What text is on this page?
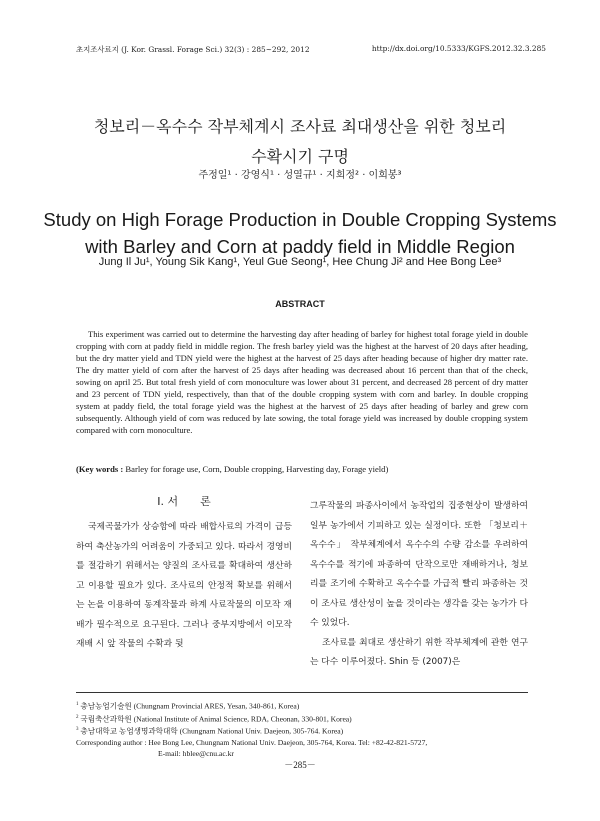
초지조사료지 (J. Kor. Grassl. Forage Sci.) 32(3) : 285~292, 2012	http://dx.doi.org/10.5333/KGFS.2012.32.3.285
청보리－옥수수 작부체계시 조사료 최대생산을 위한 청보리
수확시기 구명
주정일¹ · 강영식¹ · 성열규¹ · 지희정² · 이희봉³
Study on High Forage Production in Double Cropping Systems
with Barley and Corn at paddy field in Middle Region
Jung Il Ju¹, Young Sik Kang¹, Yeul Gue Seong¹, Hee Chung Ji² and Hee Bong Lee³
ABSTRACT
This experiment was carried out to determine the harvesting day after heading of barley for highest total forage yield in double cropping with corn at paddy field in middle region. The fresh barley yield was the highest at the harvest of 20 days after heading, but the dry matter yield and TDN yield were the highest at the harvest of 25 days after heading because of higher dry matter rate. The dry matter yield of corn after the harvest of 25 days after heading was decreased about 16 percent than that of the check, sowing on april 25. But total fresh yield of corn monoculture was lower about 31 percent, and decreased 28 percent of dry matter and 23 percent of TDN yield, respectively, than that of the double cropping system with corn and barley. In double cropping system at paddy field, the total forage yield was the highest at the harvest of 25 days after heading of barley and grew corn subsequently. Although yield of corn was reduced by late sowing, the total forage yield was increased by double cropping system compared with corn monoculture.
(Key words : Barley for forage use, Corn, Double cropping, Harvesting day, Forage yield)
Ⅰ. 서　　론
국제곡물가가 상승함에 따라 배합사료의 가격이 급등하여 축산농가의 어려움이 가중되고 있다. 따라서 경영비를 절감하기 위해서는 양질의 조사료를 확대하여 생산하고 이용할 필요가 있다. 조사료의 안정적 확보를 위해서는 논을 이용하여 동계작물과 하계 사료작물의 이모작 재배가 필수적으로 요구된다. 그러나 중부지방에서 이모작 재배 시 앞 작물의 수확과 뒷
그루작물의 파종사이에서 농작업의 집중현상이 발생하여 일부 농가에서 기피하고 있는 실정이다. 또한 「청보리＋옥수수」 작부체계에서 옥수수의 수량 감소를 우려하여 옥수수를 적기에 파종하여 단작으로만 재배하거나, 청보리를 조기에 수확하고 옥수수를 가급적 빨리 파종하는 것이 조사료 생산성이 높을 것이라는 생각을 갖는 농가가 다수 있었다.
조사료를 최대로 생산하기 위한 작부체계에 관한 연구는 다수 이루어졌다. Shin 등 (2007)은
$^1$ 충남농업기술원 (Chungnam Provincial ARES, Yesan, 340-861, Korea)
$^2$ 국립축산과학원 (National Institute of Animal Science, RDA, Cheonan, 330-801, Korea)
$^3$ 충남대학교 농업생명과학대학 (Chungnam National Univ. Daejeon, 305-764. Korea)
Corresponding author : Hee Bong Lee, Chungnam National Univ. Daejeon, 305-764, Korea. Tel: +82-42-821-5727,
E-mail: hblee@cnu.ac.kr
－285－
